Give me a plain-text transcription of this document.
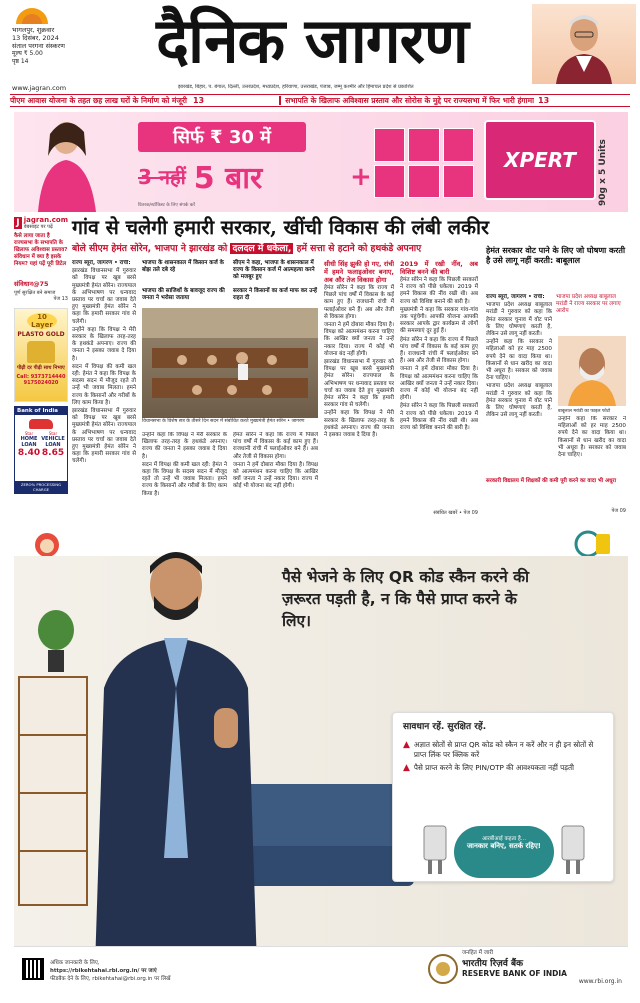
भागलपुर, शुक्रवार
13 दिसंबर, 2024
संताल परगना संस्करण
मूल्य ₹ 5.00
पृष्ठ 14	दैनिक जागरण
www.jagran.com	झारखंड, बिहार, प. बंगाल, दिल्ली, उत्तरप्रदेश, मध्यप्रदेश, हरियाणा, उत्तराखंड, पंजाब, जम्मू कश्मीर और हिमाचल प्रदेश से प्रकाशित
पीएम आवास योजना के तहत छह लाख घरों के निर्माण को मंजूरी 13	सभापति के खिलाफ अविश्वास प्रस्ताव और सोरोस के मुद्दे पर राज्यसभा में फिर भारी हंगामा 13
सिर्फ ₹ 30 में
3 नहीं 5 बार	+
XPERT 90g x 5 Units
वितरक/स्टॉकिस्ट के लिए संपर्क करें
J jagran.com
वेबसाइट पर पढ़ें
कैसे लाया जाता है राज्यसभा के सभापति के खिलाफ अविश्वास प्रस्ताव? संविधान में क्या है इसके नियम? यहां पढ़ें पूरी डिटेल
संविधान@75
पूर्ण सुरक्षित बने समाज
पेज 13
10 Layer
PLASTO GOLD
पीढ़ी दर पीढ़ी साथ निभाए
Call: 9373714440
9175024020
Bank of India
Star
HOME LOAN
8.40
Star
VEHICLE LOAN
8.65
ZERO% PROCESSING CHARGE
गांव से चलेगी हमारी सरकार, खींची विकास की लंबी लकीर
बोले सीएम हेमंत सोरेन, भाजपा ने झारखंड को दलदल में धकेला, हमें सत्ता से हटाने को हथकंडे अपनाए

राज्य ब्यूरो, जागरण • रांची:

झारखंड विधानसभा में गुरुवार को विपक्ष पर खूब बरसे मुख्यमंत्री हेमंत सोरेन। राज्यपाल के अभिभाषण पर धन्यवाद प्रस्ताव पर चर्चा का जवाब देते हुए मुख्यमंत्री हेमंत सोरेन ने कहा कि हमारी सरकार गांव से चलेगी।

उन्होंने कहा कि विपक्ष ने मेरी सरकार के खिलाफ तरह-तरह के हथकंडे अपनाए। राज्य की जनता ने इसका जवाब दे दिया है।

सदन में विपक्ष की कमी खल रही: हेमंत ने कहा कि विपक्ष के सदस्य सदन में मौजूद रहते तो उन्हें भी जवाब मिलता। हमने राज्य के किसानों और गरीबों के लिए काम किया है।

झारखंड विधानसभा में गुरुवार को विपक्ष पर खूब बरसे मुख्यमंत्री हेमंत सोरेन। राज्यपाल के अभिभाषण पर धन्यवाद प्रस्ताव पर चर्चा का जवाब देते हुए मुख्यमंत्री हेमंत सोरेन ने कहा कि हमारी सरकार गांव से चलेगी।

भाजपा के शासनकाल में किसान कर्ज के बोझ तले दबे रहे
सीएम ने कहा, भाजपा के शासनकाल में राज्य के किसान कर्ज में आत्महत्या करने को मजबूर हुए
भाजपा की साजिशों के बावजूद राज्य की जनता ने भरोसा जताया
सरकार ने किसानों का कर्ज माफ कर उन्हें राहत दी
विधानसभा के विशेष सत्र के तीसरे दिन सदन में संबोधित करते मुख्यमंत्री हेमंत सोरेन • जागरण

उन्होंने कहा कि विपक्ष ने मेरी सरकार के खिलाफ तरह-तरह के हथकंडे अपनाए। राज्य की जनता ने इसका जवाब दे दिया है।

सदन में विपक्ष की कमी खल रही: हेमंत ने कहा कि विपक्ष के सदस्य सदन में मौजूद रहते तो उन्हें भी जवाब मिलता। हमने राज्य के किसानों और गरीबों के लिए काम किया है।

हेमंत सोरेन ने कहा कि राज्य में पिछले पांच वर्षों में विकास के कई काम हुए हैं। राजधानी रांची में फ्लाईओवर बने हैं। अब और तेजी से विकास होगा।

जनता ने हमें दोबारा मौका दिया है। विपक्ष को आत्ममंथन करना चाहिए कि आखिर क्यों जनता ने उन्हें नकार दिया। राज्य में कोई भी योजना बंद नहीं होगी।

सीधी सिंह झुकी हो गए, रांची में हमने फलाइओवर बनाए, अब और तेज विकास होगा

हेमंत सोरेन ने कहा कि राज्य में पिछले पांच वर्षों में विकास के कई काम हुए हैं। राजधानी रांची में फ्लाईओवर बने हैं। अब और तेजी से विकास होगा।

जनता ने हमें दोबारा मौका दिया है। विपक्ष को आत्ममंथन करना चाहिए कि आखिर क्यों जनता ने उन्हें नकार दिया। राज्य में कोई भी योजना बंद नहीं होगी।

झारखंड विधानसभा में गुरुवार को विपक्ष पर खूब बरसे मुख्यमंत्री हेमंत सोरेन। राज्यपाल के अभिभाषण पर धन्यवाद प्रस्ताव पर चर्चा का जवाब देते हुए मुख्यमंत्री हेमंत सोरेन ने कहा कि हमारी सरकार गांव से चलेगी।

उन्होंने कहा कि विपक्ष ने मेरी सरकार के खिलाफ तरह-तरह के हथकंडे अपनाए। राज्य की जनता ने इसका जवाब दे दिया है।

2019 में रखी नींव, अब विशिष्ट बनने की बारी

हेमंत सोरेन ने कहा कि पिछली सरकारों ने राज्य को पीछे धकेला। 2019 में हमने विकास की नींव रखी थी। अब राज्य को विशिष्ट बनाने की बारी है।

मुख्यमंत्री ने कहा कि सरकार गांव-गांव तक पहुंचेगी। आपकी योजना आपकी सरकार आपके द्वार कार्यक्रम से लोगों की समस्याएं दूर हुई हैं।

हेमंत सोरेन ने कहा कि राज्य में पिछले पांच वर्षों में विकास के कई काम हुए हैं। राजधानी रांची में फ्लाईओवर बने हैं। अब और तेजी से विकास होगा।

जनता ने हमें दोबारा मौका दिया है। विपक्ष को आत्ममंथन करना चाहिए कि आखिर क्यों जनता ने उन्हें नकार दिया। राज्य में कोई भी योजना बंद नहीं होगी।

हेमंत सोरेन ने कहा कि पिछली सरकारों ने राज्य को पीछे धकेला। 2019 में हमने विकास की नींव रखी थी। अब राज्य को विशिष्ट बनाने की बारी है।

संबंधित खबरें • पेज 09
हेमंत सरकार वोट पाने के लिए जो घोषणा करती है उसे लागू नहीं करती: बाबूलाल

राज्य ब्यूरो, जागरण • रांची:

भाजपा प्रदेश अध्यक्ष बाबूलाल मरांडी ने गुरुवार को कहा कि हेमंत सरकार चुनाव में वोट पाने के लिए घोषणाएं करती है, लेकिन उसे लागू नहीं करती।

उन्होंने कहा कि सरकार ने महिलाओं को हर माह 2500 रुपये देने का वादा किया था। किसानों से धान खरीद का वादा भी अधूरा है। सरकार को जवाब देना चाहिए।

भाजपा प्रदेश अध्यक्ष बाबूलाल मरांडी ने गुरुवार को कहा कि हेमंत सरकार चुनाव में वोट पाने के लिए घोषणाएं करती है, लेकिन उसे लागू नहीं करती।

भाजपा प्रदेश अध्यक्ष बाबूलाल मरांडी ने राज्य सरकार पर लगाए आरोप
बाबूलाल मरांडी का फाइल फोटो

उन्होंने कहा कि सरकार ने महिलाओं को हर माह 2500 रुपये देने का वादा किया था। किसानों से धान खरीद का वादा भी अधूरा है। सरकार को जवाब देना चाहिए।

सरकारी विद्यालय में शिक्षकों की कमी पूरी करने का वादा भी अधूरा
पेज 09
पैसे भेजने के लिए QR कोड स्कैन करने की ज़रूरत पड़ती है, न कि पैसे प्राप्त करने के लिए।
सावधान रहें. सुरक्षित रहें.
▲ अज्ञात स्रोतों से प्राप्त QR कोड को स्कैन न करें और न ही इन स्रोतों से प्राप्त लिंक पर क्लिक करें
▲ पैसे प्राप्त करने के लिए PIN/OTP की आवश्यकता नहीं पड़ती
आरबीआई कहता है...
जानकार बनिए, सतर्क रहिए!
अधिक जानकारी के लिए,
https://rbikehtahai.rbi.org.in/ पर जाएं
फीडबैक देने के लिए, rbikehtahai@rbi.org.in पर लिखें
जनहित में जारी
भारतीय रिज़र्व बैंक
RESERVE BANK OF INDIA
www.rbi.org.in
